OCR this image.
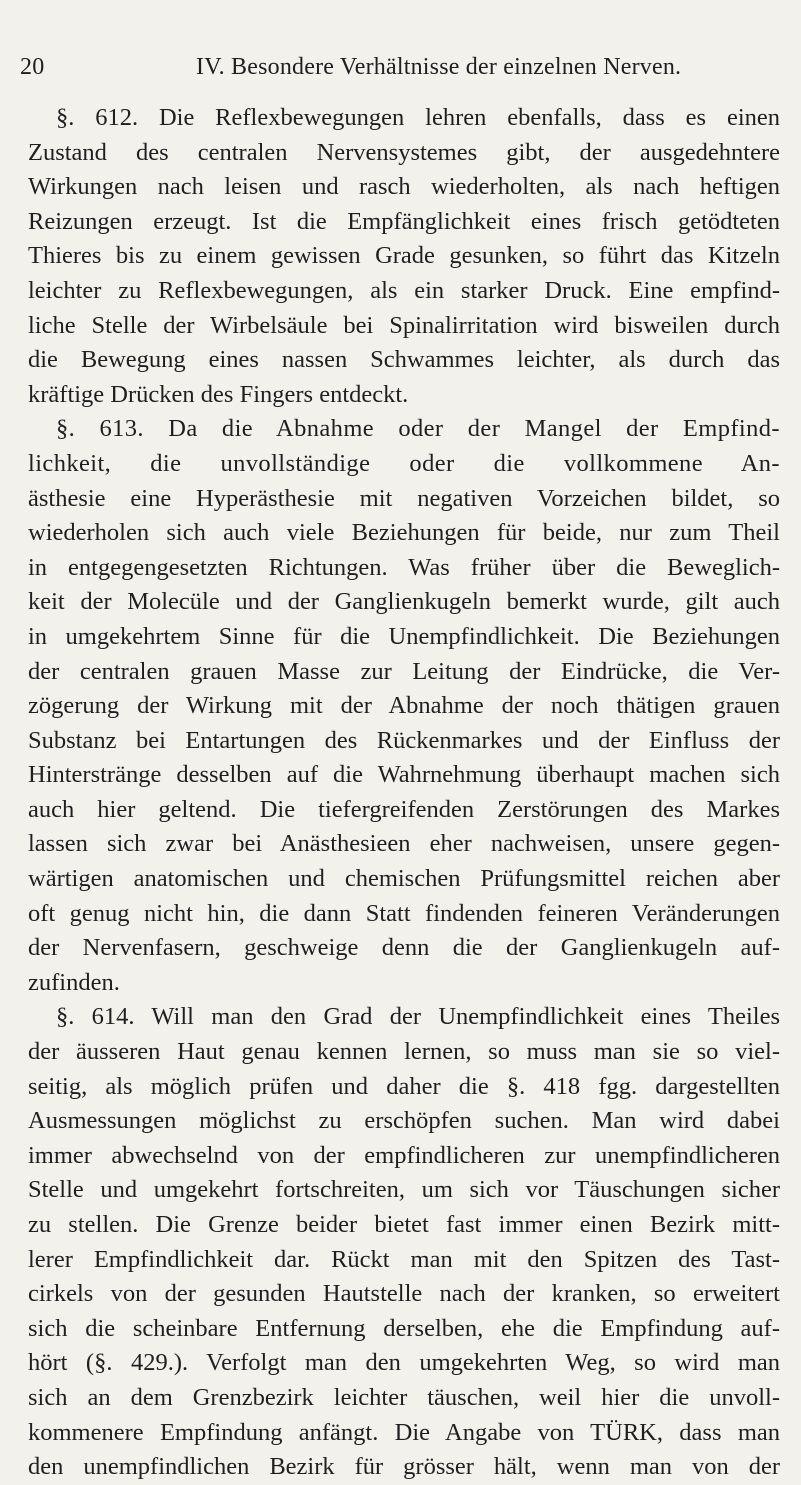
20	IV. Besondere Verhältnisse der einzelnen Nerven.
§. 612. Die Reflexbewegungen lehren ebenfalls, dass es einen
Zustand des centralen Nervensystemes gibt, der ausgedehntere
Wirkungen nach leisen und rasch wiederholten, als nach heftigen
Reizungen erzeugt. Ist die Empfänglichkeit eines frisch getödteten
Thieres bis zu einem gewissen Grade gesunken, so führt das Kitzeln
leichter zu Reflexbewegungen, als ein starker Druck. Eine empfind-
liche Stelle der Wirbelsäule bei Spinalirritation wird bisweilen durch
die Bewegung eines nassen Schwammes leichter, als durch das
kräftige Drücken des Fingers entdeckt.
§. 613. Da die Abnahme oder der Mangel der Empfind-
lichkeit, die unvollständige oder die vollkommene An-
ästhesie eine Hyperästhesie mit negativen Vorzeichen bildet, so
wiederholen sich auch viele Beziehungen für beide, nur zum Theil
in entgegengesetzten Richtungen. Was früher über die Beweglich-
keit der Molecüle und der Ganglienkugeln bemerkt wurde, gilt auch
in umgekehrtem Sinne für die Unempfindlichkeit. Die Beziehungen
der centralen grauen Masse zur Leitung der Eindrücke, die Ver-
zögerung der Wirkung mit der Abnahme der noch thätigen grauen
Substanz bei Entartungen des Rückenmarkes und der Einfluss der
Hinterstränge desselben auf die Wahrnehmung überhaupt machen sich
auch hier geltend. Die tiefergreifenden Zerstörungen des Markes
lassen sich zwar bei Anästhesieen eher nachweisen, unsere gegen-
wärtigen anatomischen und chemischen Prüfungsmittel reichen aber
oft genug nicht hin, die dann Statt findenden feineren Veränderungen
der Nervenfasern, geschweige denn die der Ganglienkugeln auf-
zufinden.
§. 614. Will man den Grad der Unempfindlichkeit eines Theiles
der äusseren Haut genau kennen lernen, so muss man sie so viel-
seitig, als möglich prüfen und daher die §. 418 fgg. dargestellten
Ausmessungen möglichst zu erschöpfen suchen. Man wird dabei
immer abwechselnd von der empfindlicheren zur unempfindlicheren
Stelle und umgekehrt fortschreiten, um sich vor Täuschungen sicher
zu stellen. Die Grenze beider bietet fast immer einen Bezirk mitt-
lerer Empfindlichkeit dar. Rückt man mit den Spitzen des Tast-
cirkels von der gesunden Hautstelle nach der kranken, so erweitert
sich die scheinbare Entfernung derselben, ehe die Empfindung auf-
hört (§. 429.). Verfolgt man den umgekehrten Weg, so wird man
sich an dem Grenzbezirk leichter täuschen, weil hier die unvoll-
kommenere Empfindung anfängt. Die Angabe von TÜRK, dass man
den unempfindlichen Bezirk für grösser hält, wenn man von der
